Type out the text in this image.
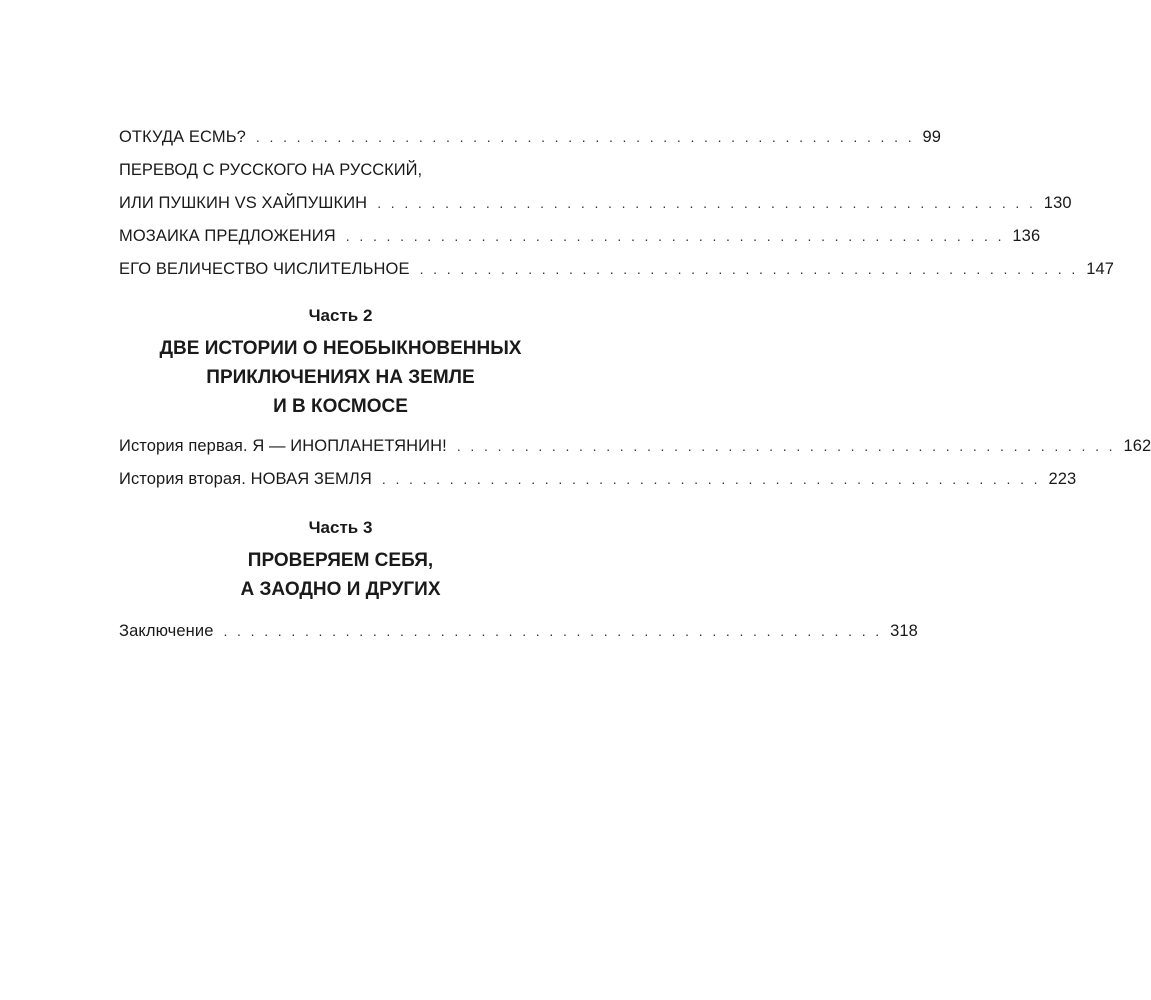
ОТКУДА ЕСМЬ? . . . . . . . . . . . . . . . . . . . . . . . . . . . . . . . . . . . . . . . . . . . . . . . . . 99
ПЕРЕВОД С РУССКОГО НА РУССКИЙ,
ИЛИ ПУШКИН VS ХАЙПУШКИН . . . . . . . . . . . . . . . . . . . . . . . . . . . . . . . . . . . . . . . . . . . . . . . . . 130
МОЗАИКА ПРЕДЛОЖЕНИЯ . . . . . . . . . . . . . . . . . . . . . . . . . . . . . . . . . . . . . . . . . . . . . . . . . 136
ЕГО ВЕЛИЧЕСТВО ЧИСЛИТЕЛЬНОЕ . . . . . . . . . . . . . . . . . . . . . . . . . . . . . . . . . . . . . . . . . . . . . . . . . 147
Часть 2
ДВЕ ИСТОРИИ О НЕОБЫКНОВЕННЫХ
ПРИКЛЮЧЕНИЯХ НА ЗЕМЛЕ
И В КОСМОСЕ
История первая. Я — ИНОПЛАНЕТЯНИН! . . . . . . . . . . . . . . . . . . . . . . . . . . . . . . . . . . . . . . . . . . . . . . . . . 162
История вторая. НОВАЯ ЗЕМЛЯ . . . . . . . . . . . . . . . . . . . . . . . . . . . . . . . . . . . . . . . . . . . . . . . . . 223
Часть 3
ПРОВЕРЯЕМ СЕБЯ,
А ЗАОДНО И ДРУГИХ
Заключение . . . . . . . . . . . . . . . . . . . . . . . . . . . . . . . . . . . . . . . . . . . . . . . . . 318
